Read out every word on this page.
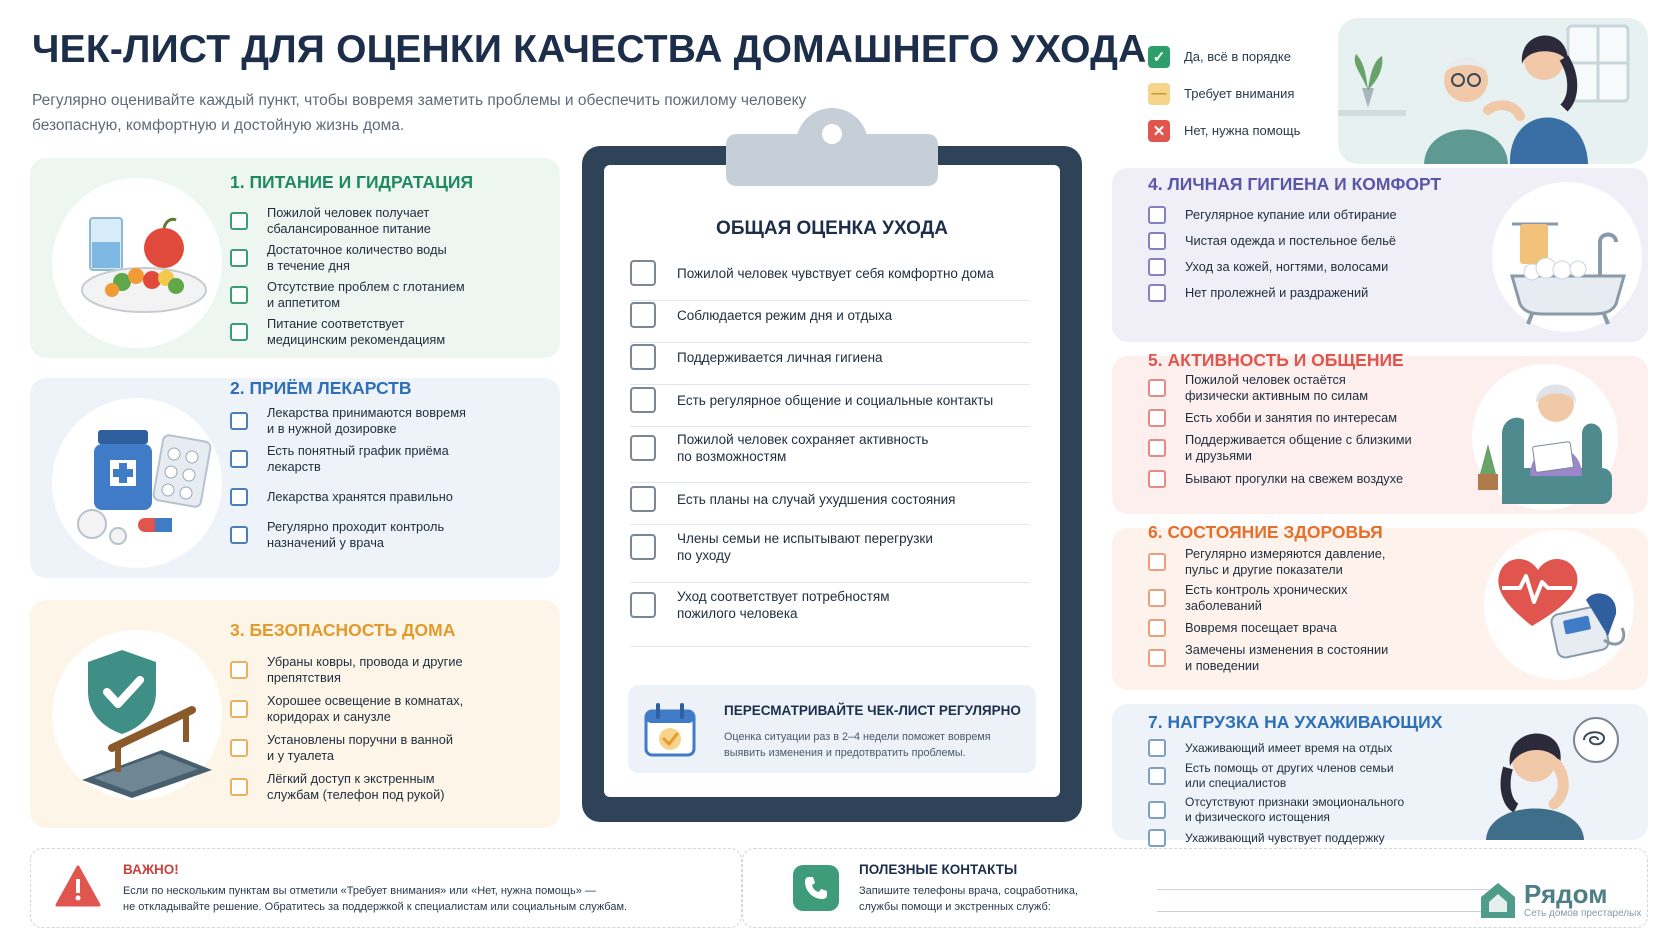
ЧЕК-ЛИСТ ДЛЯ ОЦЕНКИ КАЧЕСТВА ДОМАШНЕГО УХОДА
Регулярно оценивайте каждый пункт, чтобы вовремя заметить проблемы и обеспечить пожилому человеку безопасную, комфортную и достойную жизнь дома.
✓	Да, всё в порядке
— Требует внимания
✕	Нет, нужна помощь
1. ПИТАНИЕ И ГИДРАТАЦИЯ
Пожилой человек получает
сбалансированное питание
Достаточное количество воды
в течение дня
Отсутствие проблем с глотанием
и аппетитом
Питание соответствует
медицинским рекомендациям
2. ПРИЁМ ЛЕКАРСТВ
Лекарства принимаются вовремя
и в нужной дозировке
Есть понятный график приёма
лекарств
Лекарства хранятся правильно
Регулярно проходит контроль
назначений у врача
3. БЕЗОПАСНОСТЬ ДОМА
Убраны ковры, провода и другие
препятствия
Хорошее освещение в комнатах,
коридорах и санузле
Установлены поручни в ванной
и у туалета
Лёгкий доступ к экстренным
службам (телефон под рукой)
ОБЩАЯ ОЦЕНКА УХОДА
Пожилой человек чувствует себя комфортно дома
Соблюдается режим дня и отдыха
Поддерживается личная гигиена
Есть регулярное общение и социальные контакты
Пожилой человек сохраняет активность
по возможностям
Есть планы на случай ухудшения состояния
Члены семьи не испытывают перегрузки
по уходу
Уход соответствует потребностям
пожилого человека
ПЕРЕСМАТРИВАЙТЕ ЧЕК-ЛИСТ РЕГУЛЯРНО
Оценка ситуации раз в 2–4 недели поможет вовремя
выявить изменения и предотвратить проблемы.
4. ЛИЧНАЯ ГИГИЕНА И КОМФОРТ
Регулярное купание или обтирание
Чистая одежда и постельное бельё
Уход за кожей, ногтями, волосами
Нет пролежней и раздражений
5. АКТИВНОСТЬ И ОБЩЕНИЕ
Пожилой человек остаётся
физически активным по силам
Есть хобби и занятия по интересам
Поддерживается общение с близкими
и друзьями
Бывают прогулки на свежем воздухе
6. СОСТОЯНИЕ ЗДОРОВЬЯ
Регулярно измеряются давление,
пульс и другие показатели
Есть контроль хронических
заболеваний
Вовремя посещает врача
Замечены изменения в состоянии
и поведении
7. НАГРУЗКА НА УХАЖИВАЮЩИХ
Ухаживающий имеет время на отдых
Есть помощь от других членов семьи
или специалистов
Отсутствуют признаки эмоционального
и физического истощения
Ухаживающий чувствует поддержку
ВАЖНО!
Если по нескольким пунктам вы отметили «Требует внимания» или «Нет, нужна помощь» —
не откладывайте решение. Обратитесь за поддержкой к специалистам или социальным службам.
ПОЛЕЗНЫЕ КОНТАКТЫ
Запишите телефоны врача, соцработника,
службы помощи и экстренных служб:	Рядом
Сеть домов престарелых
